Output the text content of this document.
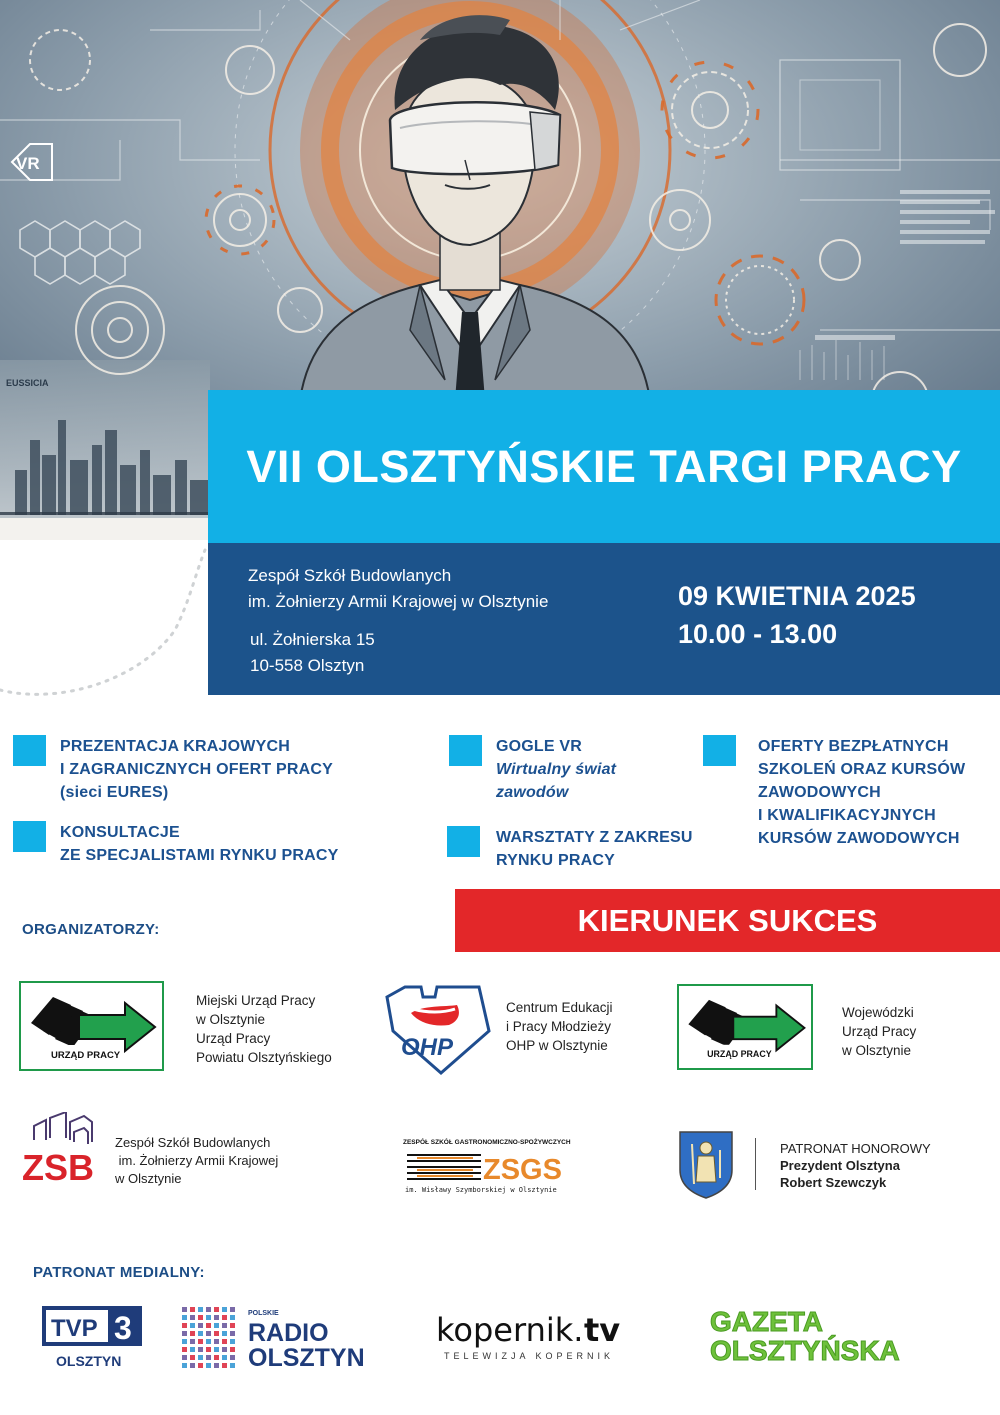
VR
EUSSICIA
VII OLSZTYŃSKIE TARGI PRACY
Zespół Szkół Budowlanych
im. Żołnierzy Armii Krajowej w Olsztynie
ul. Żołnierska 15
10-558 Olsztyn
09 KWIETNIA 2025
10.00 - 13.00
PREZENTACJA KRAJOWYCH
I ZAGRANICZNYCH OFERT PRACY
(sieci EURES)
KONSULTACJE
ZE SPECJALISTAMI RYNKU PRACY
GOGLE VR
Wirtualny świat
zawodów
WARSZTATY Z ZAKRESU
RYNKU PRACY
OFERTY BEZPŁATNYCH
SZKOLEŃ ORAZ KURSÓW
ZAWODOWYCH
I KWALIFIKACYJNYCH
KURSÓW ZAWODOWYCH
ORGANIZATORZY:	KIERUNEK SUKCES
URZĄD PRACY
Miejski Urząd Pracy
w Olsztynie
Urząd Pracy
Powiatu Olsztyńskiego	OHP
Centrum Edukacji
i Pracy Młodzieży
OHP w Olsztynie
URZĄD PRACY
Wojewódzki
Urząd Pracy
w Olsztynie
ZSB
Zespół Szkół Budowlanych
im. Żołnierzy Armii Krajowej
w Olsztynie
ZESPÓŁ SZKÓŁ GASTRONOMICZNO-SPOŻYWCZYCH
ZSGS
im. Wisławy Szymborskiej w Olsztynie
PATRONAT HONOROWY
Prezydent Olsztyna
Robert Szewczyk
PATRONAT MEDIALNY:
TVP 3
OLSZTYN
POLSKIE
RADIO
OLSZTYN
kopernik. tv
TELEWIZJA KOPERNIK
GAZETA
OLSZTYŃSKA
